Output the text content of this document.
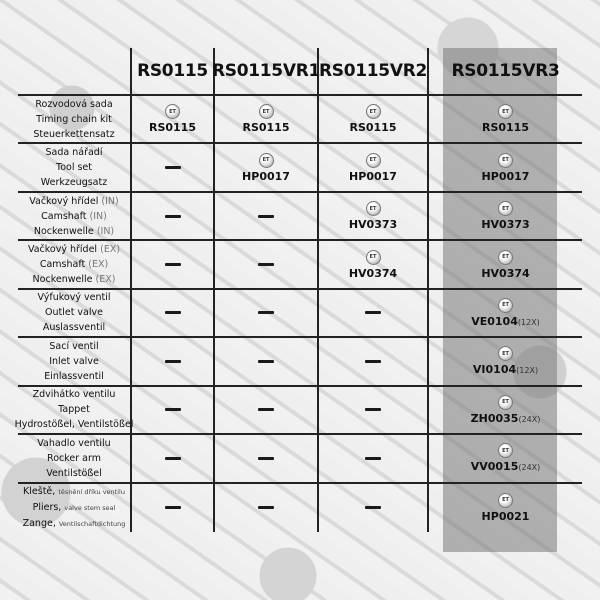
RS0115 RS0115VR1
RS0115VR2	RS0115VR3
Rozvodová sada
Timing chain kit
Steuerkettensatz
ET
RS0115
ET
RS0115
ET
RS0115
ET
RS0115
Sada nářadí
Tool set
Werkzeugsatz
ET
HP0017
ET
HP0017
ET
HP0017
Vačkový hřídel (IN)
Camshaft (IN)
Nockenwelle (IN)
ET
HV0373
ET
HV0373
Vačkový hřídel (EX)
Camshaft (EX)
Nockenwelle (EX)
ET
HV0374
ET
HV0374
Výfukový ventil
Outlet valve
Auslassventil
ET
VE0104(12X)
Sací ventil
Inlet valve
Einlassventil
ET
VI0104(12X)
Zdvihátko ventilu
Tappet
Hydrostößel, Ventilstößel
ET
ZH0035(24X)
Vahadlo ventilu
Rocker arm
Ventilstößel
ET
VV0015(24X)
Kleště, těsnění dříku ventilu
Pliers, valve stem seal
Zange, Ventilschaftdichtung
ET
HP0021
